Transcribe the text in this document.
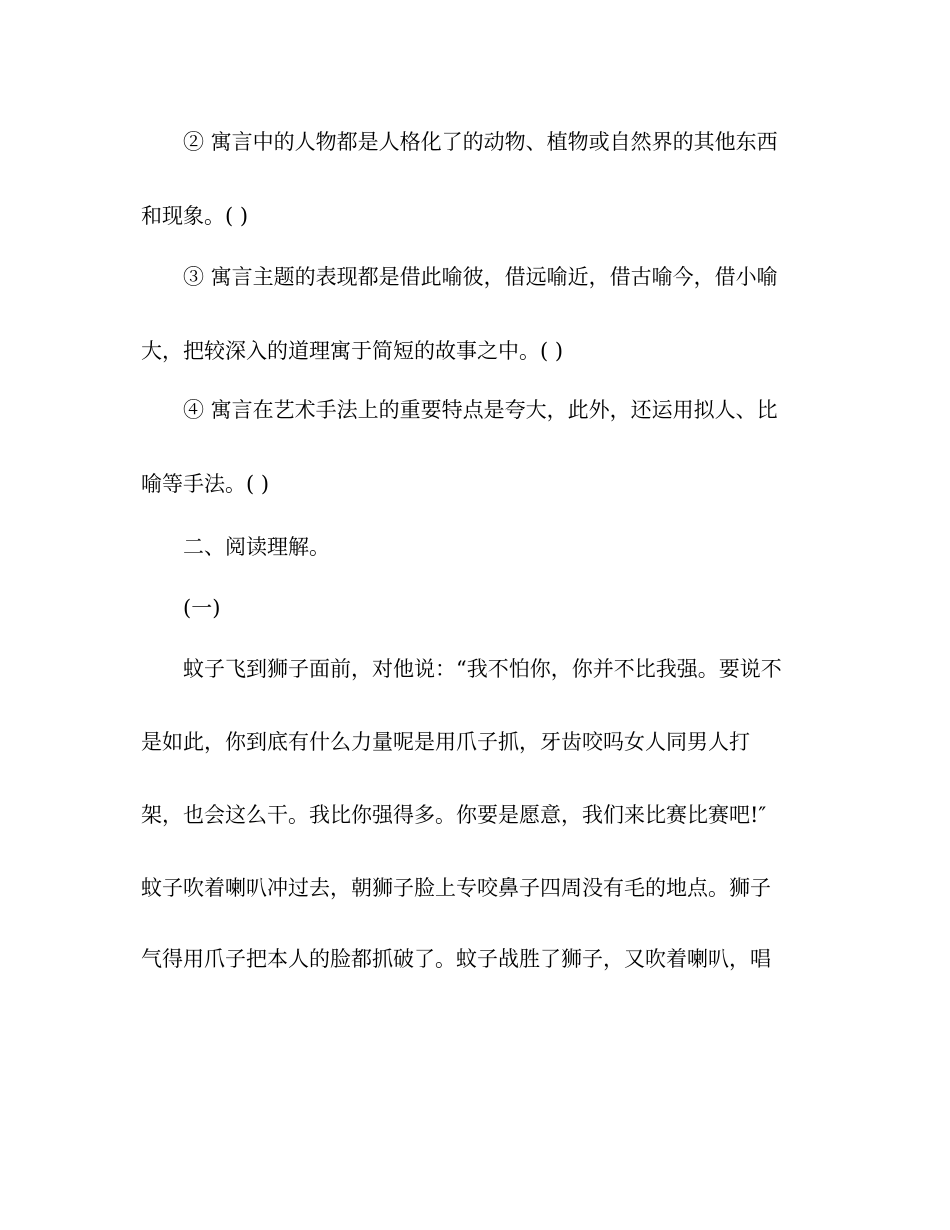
② 寓言中的人物都是人格化了的动物、植物或自然界的其他东西
和现象。( )
③ 寓言主题的表现都是借此喻彼，借远喻近，借古喻今，借小喻
大，把较深入的道理寓于简短的故事之中。( )
④ 寓言在艺术手法上的重要特点是夸大，此外，还运用拟人、比
喻等手法。( )
二、阅读理解。
(一)
蚊子飞到狮子面前，对他说：“我不怕你，你并不比我强。要说不
是如此，你到底有什么力量呢是用爪子抓，牙齿咬吗女人同男人打
架，也会这么干。我比你强得多。你要是愿意，我们来比赛比赛吧!″
蚊子吹着喇叭冲过去，朝狮子脸上专咬鼻子四周没有毛的地点。狮子
气得用爪子把本人的脸都抓破了。蚊子战胜了狮子，又吹着喇叭，唱
